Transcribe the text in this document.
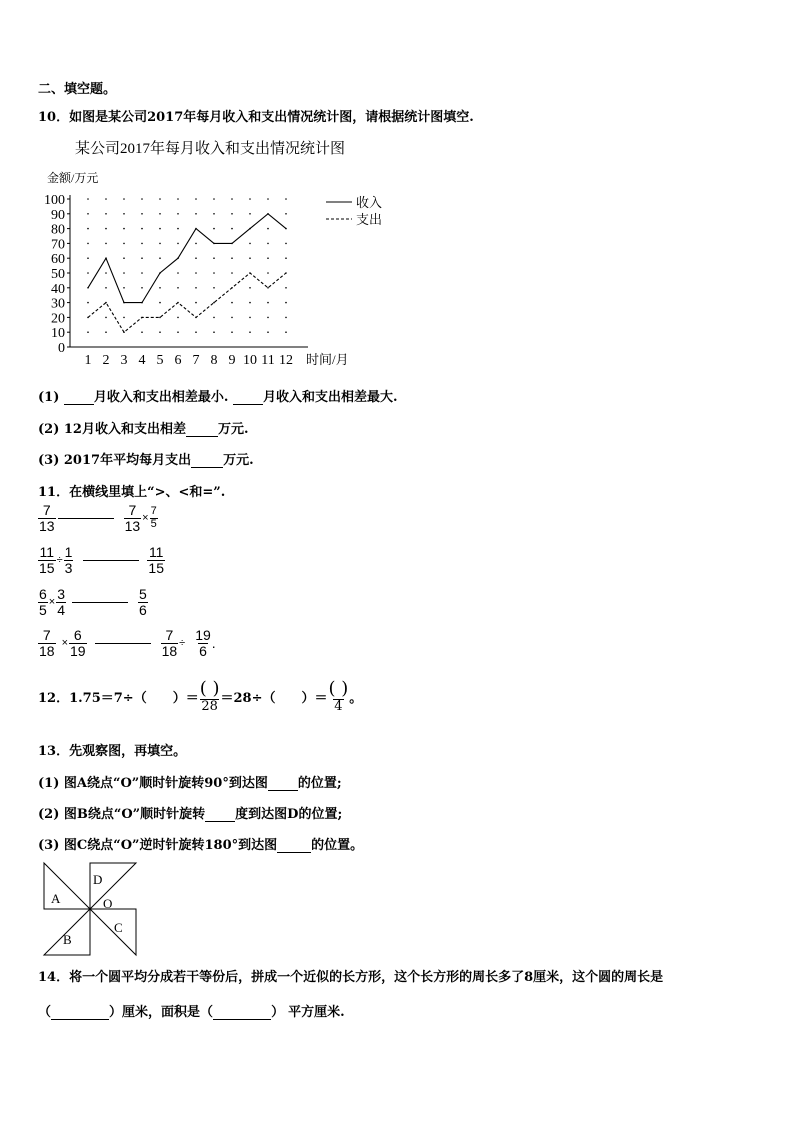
二、填空题。
10．如图是某公司2017年每月收入和支出情况统计图，请根据统计图填空.
某公司2017年每月收入和支出情况统计图
金额/万元
0
10
20
30
40
50
60
70
80
90
100
1 2 3 4 5 6 7 8 9 10 11 12 时间/月
收入
支出
(1)	月收入和支出相差最小.	月收入和支出相差最大.
(2) 12月收入和支出相差 万元.
(3) 2017年平均每月支出 万元.
11．在横线里填上“>、<和=”.
$\frac{7}{13}$	$\frac{7}{13} \times \frac{7}{5}$
$\frac{11}{15} \div \frac{1}{3}$	$\frac{11}{15}$
$\frac{6}{5} \times \frac{3}{4}$	$\frac{5}{6}$
$\frac{7}{18} \times \frac{6}{19}$	$\frac{7}{18} \div \frac{19}{6}$ .
12． 1.75＝7÷（ ）＝ $\frac{( )}{28} =28\div$（ ）＝ $\frac{( )}{4}$ 。
13．先观察图，再填空。
(1) 图A绕点“O”顺时针旋转90°到达图 的位置;
(2) 图B绕点“O”顺时针旋转 度到达图D的位置;
(3) 图C绕点“O”逆时针旋转180°到达图	的位置。
A
D
C
B
O
14．将一个圆平均分成若干等份后，拼成一个近似的长方形，这个长方形的周长多了8厘米，这个圆的周长是
（	）厘米，面积是（	） 平方厘米.
